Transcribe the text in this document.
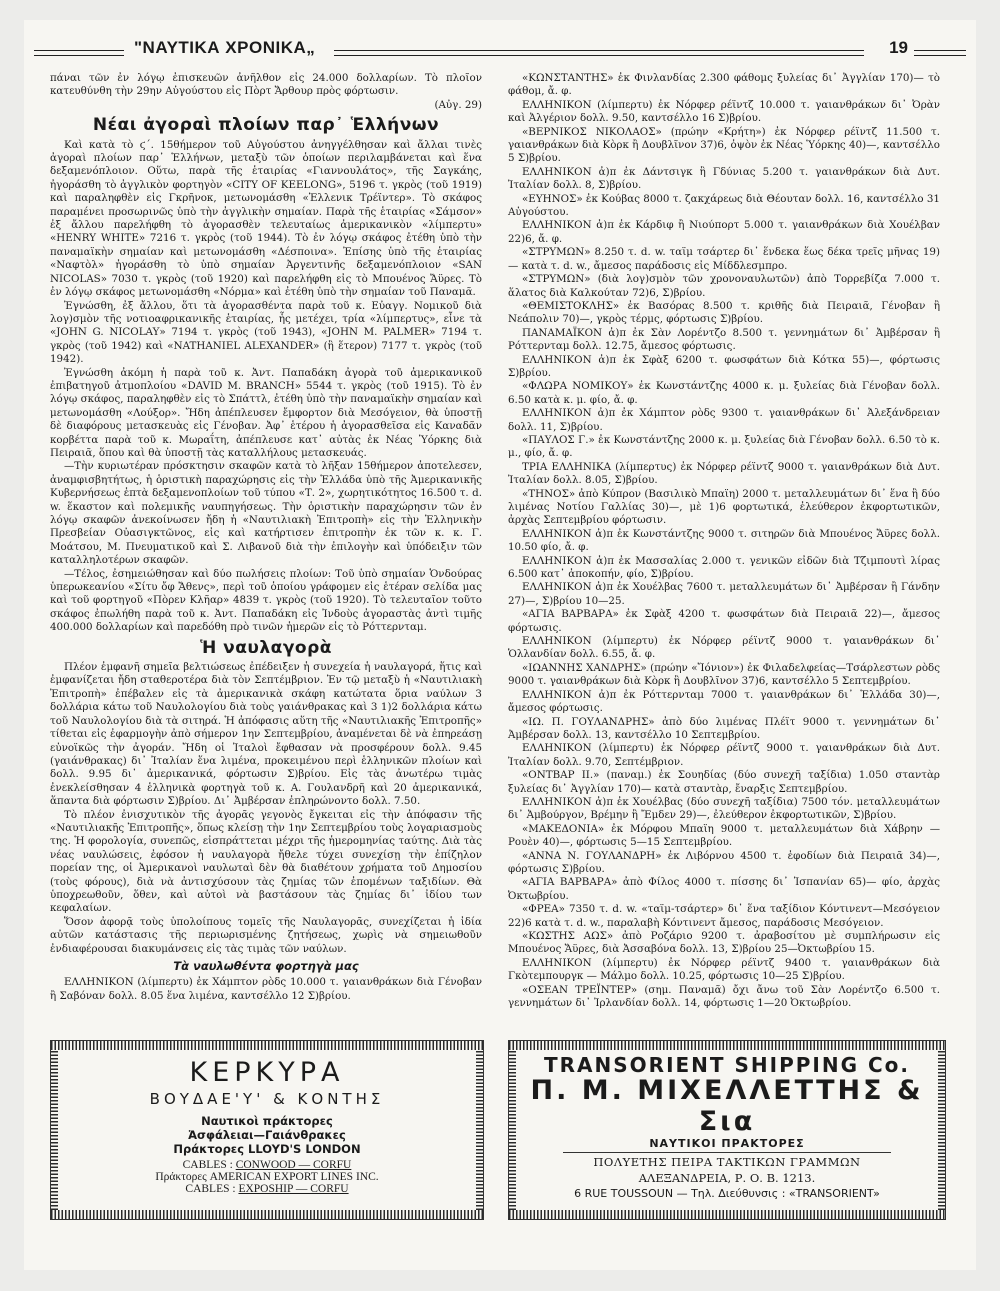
"ΝΑΥΤΙΚΑ ΧΡΟΝΙΚΑ„	19

πάναι τῶν ἐν λόγῳ ἐπισκευῶν ἀνῆλθον εἰς 24.000 δολλαρίων. Τὸ πλοῖον κατευθύνθη τὴν 29ην Αὐγούστου εἰς Πὸρτ Ἄρθουρ πρὸς φόρτωσιν.

(Αὐγ. 29)
Νέαι ἀγοραὶ πλοίων παρ᾽ Ἑλλήνων

Καὶ κατὰ τὸ ϛ΄. 15θήμερον τοῦ Αὐγούστου ἀνηγγέλθησαν καὶ ἄλλαι τινὲς ἀγοραὶ πλοίων παρ᾽ Ἑλλήνων, μεταξὺ τῶν ὁποίων περιλαμβάνεται καὶ ἕνα δεξαμενόπλοιον. Οὕτω, παρὰ τῆς ἑταιρίας «Γιαννουλάτος», τῆς Σαγκάης, ἠγοράσθη τὸ ἀγγλικὸν φορτηγὸν «CITY OF KEELONG», 5196 τ. γκρὸς (τοῦ 1919) καὶ παραληφθὲν εἰς Γκρῆνοκ, μετωνομάσθη «Ἑλλενικ Τρέϊντερ». Τὸ σκάφος παραμένει προσωρινῶς ὑπὸ τὴν ἀγγλικὴν σημαίαν. Παρὰ τῆς ἑταιρίας «Σάμσον» ἐξ ἄλλου παρελήφθη τὸ ἀγορασθὲν τελευταίως ἀμερικανικὸν «λίμπερτυ» «HENRY WHITE» 7216 τ. γκρὸς (τοῦ 1944). Τὸ ἐν λόγῳ σκάφος ἐτέθη ὑπὸ τὴν παναμαϊκὴν σημαίαν καὶ μετωνομάσθη «Δέσποινα». Ἐπίσης ὑπὸ τῆς ἑταιρίας «Ναφτὸλ» ἠγοράσθη τὸ ὑπὸ σημαίαν Ἀργεντινῆς δεξαμενόπλοιον «SAN NICOLAS» 7030 τ. γκρὸς (τοῦ 1920) καὶ παρελήφθη εἰς τὸ Μπουένος Ἄϋρες. Τὸ ἐν λόγῳ σκάφος μετωνομάσθη «Νόρμα» καὶ ἐτέθη ὑπὸ τὴν σημαίαν τοῦ Παναμᾶ.

Ἐγνώσθη, ἐξ ἄλλου, ὅτι τὰ ἀγορασθέντα παρὰ τοῦ κ. Εὐαγγ. Νομικοῦ διὰ λογ)σμὸν τῆς νοτιοαφρικανικῆς ἑταιρίας, ἧς μετέχει, τρία «λίμπερτυς», εἶνε τὰ «JOHN G. NICOLAY» 7194 τ. γκρὸς (τοῦ 1943), «JOHN M. PALMER» 7194 τ. γκρὸς (τοῦ 1942) καὶ «NATHANIEL ALEXANDER» (ἢ ἕτερον) 7177 τ. γκρὸς (τοῦ 1942).

Ἐγνώσθη ἀκόμη ἡ παρὰ τοῦ κ. Ἀντ. Παπαδάκη ἀγορὰ τοῦ ἀμερικανικοῦ ἐπιβατηγοῦ ἀτμοπλοίου «DAVID M. BRANCH» 5544 τ. γκρὸς (τοῦ 1915). Τὸ ἐν λόγῳ σκάφος, παραληφθὲν εἰς τὸ Σπάττλ, ἐτέθη ὑπὸ τὴν παναμαϊκὴν σημαίαν καὶ μετωνομάσθη «Λούξορ». Ἤδη ἀπέπλευσεν ἔμφορτον διὰ Μεσόγειον, θὰ ὑποστῇ δὲ διαφόρους μετασκευὰς εἰς Γένοβαν. Ἀφ᾽ ἑτέρου ἡ ἀγορασθεῖσα εἰς Καναδᾶν κορβέττα παρὰ τοῦ κ. Μωραΐτη, ἀπέπλευσε κατ᾽ αὐτὰς ἐκ Νέας Ὑόρκης διὰ Πειραιᾶ, ὅπου καὶ θὰ ὑποστῇ τὰς καταλλήλους μετασκευάς.

—Τὴν κυριωτέραν πρόσκτησιν σκαφῶν κατὰ τὸ λῆξαν 15θήμερον ἀποτελεσεν, ἀναμφισβητήτως, ἡ ὁριστικὴ παραχώρησις εἰς τὴν Ἑλλάδα ὑπὸ τῆς Ἀμερικανικῆς Κυβερνήσεως ἑπτὰ δεξαμενοπλοίων τοῦ τύπου «Τ. 2», χωρητικότητος 16.500 τ. d. w. ἕκαστον καὶ πολεμικῆς ναυπηγήσεως. Τὴν ὁριστικὴν παραχώρησιν τῶν ἐν λόγῳ σκαφῶν ἀνεκοίνωσεν ἤδη ἡ «Ναυτιλιακὴ Ἐπιτροπὴ» εἰς τὴν Ἑλληνικὴν Πρεσβείαν Οὐασιγκτῶνος, εἰς καὶ κατήρτισεν ἐπιτροπὴν ἐκ τῶν κ. κ. Γ. Μοάτσου, Μ. Πνευματικοῦ καὶ Σ. Λιβανοῦ διὰ τὴν ἐπιλογὴν καὶ ὑπόδειξιν τῶν καταλληλοτέρων σκαφῶν.

—Τέλος, ἐσημειώθησαν καὶ δύο πωλήσεις πλοίων: Τοῦ ὑπὸ σημαίαν Ὁνδούρας ὑπερωκεανίου «Σίτυ ὄφ Ἄθενς», περὶ τοῦ ὁποίου γράφομεν εἰς ἑτέραν σελίδα μας καὶ τοῦ φορτηγοῦ «Πὸρεν Κλῆαρ» 4839 τ. γκρὸς (τοῦ 1920). Τὸ τελευταῖον τοῦτο σκάφος ἐπωλήθη παρὰ τοῦ κ. Ἀντ. Παπαδάκη εἰς Ἰνδοὺς ἀγοραστὰς ἀντὶ τιμῆς 400.000 δολλαρίων καὶ παρεδόθη πρὸ τινῶν ἡμερῶν εἰς τὸ Ρόττερνταμ.

Ἡ ναυλαγορὰ

Πλέον ἐμφανῆ σημεῖα βελτιώσεως ἐπέδειξεν ἡ συνεχεία ἡ ναυλαγορά, ἥτις καὶ ἐμφανίζεται ἤδη σταθεροτέρα διὰ τὸν Σεπτέμβριον. Ἐν τῷ μεταξὺ ἡ «Ναυτιλιακὴ Ἐπιτροπὴ» ἐπέβαλεν εἰς τὰ ἀμερικανικὰ σκάφη κατώτατα ὅρια ναύλων 3 δολλάρια κάτω τοῦ Ναυλολογίου διὰ τοὺς γαιάνθρακας καὶ 3 1)2 δολλάρια κάτω τοῦ Ναυλολογίου διὰ τὰ σιτηρά. Ἡ ἀπόφασις αὕτη τῆς «Ναυτιλιακῆς Ἐπιτροπῆς» τίθεται εἰς ἐφαρμογὴν ἀπὸ σήμερον 1ην Σεπτεμβρίου, ἀναμένεται δὲ νὰ ἐπηρεάσῃ εὐνοϊκῶς τὴν ἀγοράν. Ἤδη οἱ Ἰταλοὶ ἔφθασαν νὰ προσφέρουν δολλ. 9.45 (γαιάνθρακας) δι᾽ Ἰταλίαν ἕνα λιμένα, προκειμένου περὶ ἑλληνικῶν πλοίων καὶ δολλ. 9.95 δι᾽ ἀμερικανικά, φόρτωσιν Σ)βρίου. Εἰς τὰς ἀνωτέρω τιμὰς ἐνεκλείσθησαν 4 ἑλληνικὰ φορτηγὰ τοῦ κ. Α. Γουλανδρῆ καὶ 20 ἀμερικανικά, ἅπαντα διὰ φόρτωσιν Σ)βρίου. Δι᾽ Ἀμβέρσαν ἐπληρώνοντο δολλ. 7.50.

Τὸ πλέον ἐνισχυτικὸν τῆς ἀγορᾶς γεγονὸς ἔγκειται εἰς τὴν ἀπόφασιν τῆς «Ναυτιλιακῆς Ἐπιτροπῆς», ὅπως κλείσῃ τὴν 1ην Σεπτεμβρίου τοὺς λογαριασμοὺς της. Ἡ φορολογία, συνεπῶς, εἰσπράττεται μέχρι τῆς ἡμερομηνίας ταύτης. Διὰ τὰς νέας ναυλώσεις, ἐφόσον ἡ ναυλαγορὰ ἤθελε τύχει συνεχίσῃ τὴν ἐπίζηλον πορείαν της, οἱ Ἀμερικανοὶ ναυλωταὶ δὲν θὰ διαθέτουν χρήματα τοῦ Δημοσίου (τοὺς φόρους), διὰ νὰ ἀντισχύσουν τὰς ζημίας τῶν ἐπομένων ταξιδίων. Θὰ ὑποχρεωθοῦν, ὅθεν, καὶ αὐτοὶ νὰ βαστάσουν τὰς ζημίας δι᾽ ἰδίου των κεφαλαίων.

Ὅσον ἀφορᾷ τοὺς ὑπολοίπους τομεῖς τῆς Ναυλαγορᾶς, συνεχίζεται ἡ ἰδία αὐτῶν κατάστασις τῆς περιωρισμένης ζητήσεως, χωρὶς νὰ σημειωθοῦν ἐνδιαφέρουσαι διακυμάνσεις εἰς τὰς τιμὰς τῶν ναύλων.

Τὰ ναυλωθέντα φορτηγὰ μας

ΕΛΛΗΝΙΚΟΝ (λίμπερτυ) ἐκ Χάμπτον ρὸδς 10.000 τ. γαιανθράκων διὰ Γένοβαν ἢ Σαβόναν δολλ. 8.05 ἕνα λιμένα, καντσέλλο 12 Σ)βρίου.

«ΚΩΝΣΤΑΝΤΗΣ» ἐκ Φινλανδίας 2.300 φάθομς ξυλείας δι᾽ Ἀγγλίαν 170)— τὸ φάθομ, ἄ. φ.

ΕΛΛΗΝΙΚΟΝ (λίμπερτυ) ἐκ Νόρφερ ρέϊντζ 10.000 τ. γαιανθράκων δι᾽ Ὀρὰν καὶ Ἀλγέριον δολλ. 9.50, καντσέλλο 16 Σ)βρίου.

«ΒΕΡΝΙΚΟΣ ΝΙΚΟΛΑΟΣ» (πρώην «Κρήτη») ἐκ Νόρφερ ρέϊντζ 11.500 τ. γαιανθράκων διὰ Κὸρκ ἢ Δουβλῖνον 37)6, ὀψὸν ἐκ Νέας Ὑόρκης 40)—, καντσέλλο 5 Σ)βρίου.

ΕΛΛΗΝΙΚΟΝ ἀ)π ἐκ Δάντσιγκ ἢ Γδύνιας 5.200 τ. γαιανθράκων διὰ Δυτ. Ἰταλίαν δολλ. 8, Σ)βρίου.

«ΕΥΗΝΟΣ» ἐκ Κούβας 8000 τ. ζακχάρεως διὰ Θέουταν δολλ. 16, καντσέλλο 31 Αὐγούστου.

ΕΛΛΗΝΙΚΟΝ ἀ)π ἐκ Κάρδιφ ἢ Νιούπορτ 5.000 τ. γαιανθράκων διὰ Χουέλβαν 22)6, ἄ. φ.

«ΣΤΡΥΜΩΝ» 8.250 τ. d. w. ταϊμ τσάρτερ δι᾽ ἕνδεκα ἕως δέκα τρεῖς μῆνας 19)— κατὰ τ. d. w., ἄμεσος παράδοσις εἰς Μίδδλεσμπρο.

«ΣΤΡΥΜΩΝ» (διὰ λογ)σμὸν τῶν χρονοναυλωτῶν) ἀπὸ Τορρεβίζα 7.000 τ. ἅλατος διὰ Καλκούταν 72)6, Σ)βρίου.

«ΘΕΜΙΣΤΟΚΛΗΣ» ἐκ Βασόρας 8.500 τ. κριθῆς διὰ Πειραιᾶ, Γένοβαν ἢ Νεάπολιν 70)—, γκρὸς τέρμς, φόρτωσις Σ)βρίου.

ΠΑΝΑΜΑΪΚΟΝ ἀ)π ἐκ Σὰν Λορέντζο 8.500 τ. γεννημάτων δι᾽ Ἀμβέρσαν ἢ Ρόττερνταμ δολλ. 12.75, ἄμεσος φόρτωσις.

ΕΛΛΗΝΙΚΟΝ ἀ)π ἐκ Σφὰξ 6200 τ. φωσφάτων διὰ Κότκα 55)—, φόρτωσις Σ)βρίου.

«ΦΛΩΡΑ ΝΟΜΙΚΟΥ» ἐκ Κωνστάντζης 4000 κ. μ. ξυλείας διὰ Γένοβαν δολλ. 6.50 κατὰ κ. μ. φίο, ἄ. φ.

ΕΛΛΗΝΙΚΟΝ ἀ)π ἐκ Χάμπτον ρὸδς 9300 τ. γαιανθράκων δι᾽ Ἀλεξάνδρειαν δολλ. 11, Σ)βρίου.

«ΠΑΥΛΟΣ Γ.» ἐκ Κωνστάντζης 2000 κ. μ. ξυλείας διὰ Γένοβαν δολλ. 6.50 τὸ κ. μ., φίο, ἄ. φ.

ΤΡΙΑ ΕΛΛΗΝΙΚΑ (λίμπερτυς) ἐκ Νόρφερ ρέϊντζ 9000 τ. γαιανθράκων διὰ Δυτ. Ἰταλίαν δολλ. 8.05, Σ)βρίου.

«ΤΗΝΟΣ» ἀπὸ Κύπρον (Βασιλικὸ Μπαϊη) 2000 τ. μεταλλευμάτων δι᾽ ἕνα ἢ δύο λιμένας Νοτίου Γαλλίας 30)—, μὲ 1)6 φορτωτικά, ἐλεύθερον ἐκφορτωτικῶν, ἀρχὰς Σεπτεμβρίου φόρτωσιν.

ΕΛΛΗΝΙΚΟΝ ἀ)π ἐκ Κωνστάντζης 9000 τ. σιτηρῶν διὰ Μπουένος Ἄϋρες δολλ. 10.50 φίο, ἄ. φ.

ΕΛΛΗΝΙΚΟΝ ἀ)π ἐκ Μασσαλίας 2.000 τ. γενικῶν εἰδῶν διὰ Τζιμπουτὶ λίρας 6.500 κατ᾽ ἀποκοπήν, φίο, Σ)βρίου.

ΕΛΛΗΝΙΚΟΝ ἀ)π ἐκ Χουέλβας 7600 τ. μεταλλευμάτων δι᾽ Ἀμβέρσαν ἢ Γάνδην 27)—, Σ)βρίου 10—25.

«ΑΓΙΑ ΒΑΡΒΑΡΑ» ἐκ Σφὰξ 4200 τ. φωσφάτων διὰ Πειραιᾶ 22)—, ἄμεσος φόρτωσις.

ΕΛΛΗΝΙΚΟΝ (λίμπερτυ) ἐκ Νόρφερ ρέϊντζ 9000 τ. γαιανθράκων δι᾽ Ὁλλανδίαν δολλ. 6.55, ἄ. φ.

«ΙΩΑΝΝΗΣ ΧΑΝΔΡΗΣ» (πρώην «Ἴόνιον») ἐκ Φιλαδελφείας—Τσάρλεστων ρὸδς 9000 τ. γαιανθράκων διὰ Κὸρκ ἢ Δουβλῖνον 37)6, καντσέλλο 5 Σεπτεμβρίου.

ΕΛΛΗΝΙΚΟΝ ἀ)π ἐκ Ρόττερνταμ 7000 τ. γαιανθράκων δι᾽ Ἑλλάδα 30)—, ἄμεσος φόρτωσις.

«ΙΩ. Π. ΓΟΥΛΑΝΔΡΗΣ» ἀπὸ δύο λιμένας Πλέϊτ 9000 τ. γεννημάτων δι᾽ Ἀμβέρσαν δολλ. 13, καντσέλλο 10 Σεπτεμβρίου.

ΕΛΛΗΝΙΚΟΝ (λίμπερτυ) ἐκ Νόρφερ ρέϊντζ 9000 τ. γαιανθράκων διὰ Δυτ. Ἰταλίαν δολλ. 9.70, Σεπτέμβριον.

«ΟΝΤΒΑΡ ΙΙ.» (παναμ.) ἐκ Σουηδίας (δύο συνεχῆ ταξίδια) 1.050 σταντὰρ ξυλείας δι᾽ Ἀγγλίαν 170)— κατὰ σταντὰρ, ἔναρξις Σεπτεμβρίου.

ΕΛΛΗΝΙΚΟΝ ἀ)π ἐκ Χουέλβας (δύο συνεχῆ ταξίδια) 7500 τόν. μεταλλευμάτων δι᾽ Ἀμβούργον, Βρέμην ἢ Ἔμδεν 29)—, ἐλεύθερον ἐκφορτωτικῶν, Σ)βρίου.

«ΜΑΚΕΔΟΝΙΑ» ἐκ Μόρφου Μπαϊη 9000 τ. μεταλλευμάτων διὰ Χάβρην — Ρουὲν 40)—, φόρτωσις 5—15 Σεπτεμβρίου.

«ΑΝΝΑ Ν. ΓΟΥΛΑΝΔΡΗ» ἐκ Λιβόρνου 4500 τ. ἐφοδίων διὰ Πειραιᾶ 34)—, φόρτωσις Σ)βρίου.

«ΑΓΙΑ ΒΑΡΒΑΡΑ» ἀπὸ Φίλος 4000 τ. πίσσης δι᾽ Ἰσπανίαν 65)— φίο, ἀρχὰς Ὀκτωβρίου.

«ΦΡΕΑ» 7350 τ. d. w. «ταϊμ-τσάρτερ» δι᾽ ἕνα ταξίδιον Κόντινεντ—Μεσόγειον 22)6 κατὰ τ. d. w., παραλαβὴ Κόντινεντ ἄμεσος, παράδοσις Μεσόγειον.

«ΚΩΣΤΗΣ ΑΩΣ» ἀπὸ Ροζάριο 9200 τ. ἀραβοσίτου μὲ συμπλήρωσιν εἰς Μπουένος Ἄϋρες, διὰ Ἀσσαβόνα δολλ. 13, Σ)βρίου 25—Ὀκτωβρίου 15.

ΕΛΛΗΝΙΚΟΝ (λίμπερτυ) ἐκ Νόρφερ ρέϊντζ 9400 τ. γαιανθράκων διὰ Γκὸτεμπουργκ — Μάλμο δολλ. 10.25, φόρτωσις 10—25 Σ)βρίου.

«ΟΣΕΑΝ ΤΡΕΪΝΤΕΡ» (σημ. Παναμᾶ) ὄχι ἄνω τοῦ Σὰν Λορέντζο 6.500 τ. γεννημάτων δι᾽ Ἰρλανδίαν δολλ. 14, φόρτωσις 1—20 Ὀκτωβρίου.

ΚΕΡΚΥΡΑ
ΒΟΥΔΑΕ'Υ' & ΚΟΝΤΗΣ
Ναυτικοὶ πράκτορες
Ἀσφάλειαι—Γαιάνθρακες
Πράκτορες LLOYD'S LONDON
CABLES : CONWOOD — CORFU
Πράκτορες AMERICAN EXPORT LINES INC.
CABLES : EXPOSHIP — CORFU
TRANSORIENT SHIPPING Co.
Π. Μ. ΜΙΧΕΛΛΕΤΤΗΣ & Σια
ΝΑΥΤΙΚΟΙ ΠΡΑΚΤΟΡΕΣ
ΠΟΛΥΕΤΗΣ ΠΕΙΡΑ ΤΑΚΤΙΚΩΝ ΓΡΑΜΜΩΝ
ΑΛΕΞΑΝΔΡΕΙΑ, Ρ. Ο. Β. 1213.
6 RUE TOUSSOUN — Τηλ. Διεύθυνσις : «TRANSORIENT»
